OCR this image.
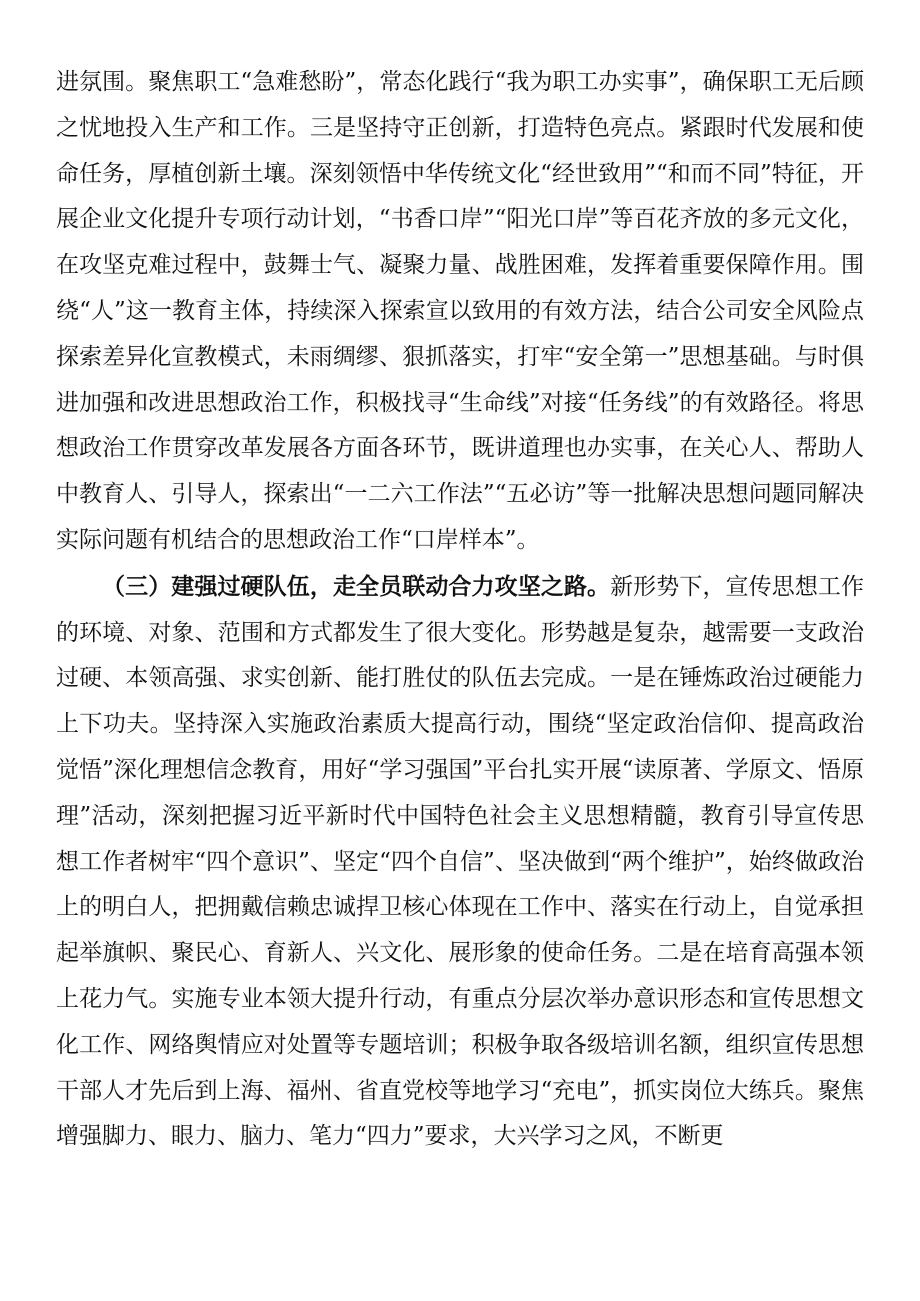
进氛围。聚焦职工“急难愁盼”，常态化践行“我为职工办实事”，确保职工无后顾之忧地投入生产和工作。三是坚持守正创新，打造特色亮点。紧跟时代发展和使命任务，厚植创新土壤。深刻领悟中华传统文化“经世致用”“和而不同”特征，开展企业文化提升专项行动计划，“书香口岸”“阳光口岸”等百花齐放的多元文化，在攻坚克难过程中，鼓舞士气、凝聚力量、战胜困难，发挥着重要保障作用。围绕“人”这一教育主体，持续深入探索宣以致用的有效方法，结合公司安全风险点探索差异化宣教模式，未雨绸缪、狠抓落实，打牢“安全第一”思想基础。与时俱进加强和改进思想政治工作，积极找寻“生命线”对接“任务线”的有效路径。将思想政治工作贯穿改革发展各方面各环节，既讲道理也办实事，在关心人、帮助人中教育人、引导人，探索出“一二六工作法”“五必访”等一批解决思想问题同解决实际问题有机结合的思想政治工作“口岸样本”。

（三）建强过硬队伍，走全员联动合力攻坚之路。新形势下，宣传思想工作的环境、对象、范围和方式都发生了很大变化。形势越是复杂，越需要一支政治过硬、本领高强、求实创新、能打胜仗的队伍去完成。一是在锤炼政治过硬能力上下功夫。坚持深入实施政治素质大提高行动，围绕“坚定政治信仰、提高政治觉悟”深化理想信念教育，用好“学习强国”平台扎实开展“读原著、学原文、悟原理”活动，深刻把握习近平新时代中国特色社会主义思想精髓，教育引导宣传思想工作者树牢“四个意识”、坚定“四个自信”、坚决做到“两个维护”，始终做政治上的明白人，把拥戴信赖忠诚捍卫核心体现在工作中、落实在行动上，自觉承担起举旗帜、聚民心、育新人、兴文化、展形象的使命任务。二是在培育高强本领上花力气。实施专业本领大提升行动，有重点分层次举办意识形态和宣传思想文化工作、网络舆情应对处置等专题培训；积极争取各级培训名额，组织宣传思想干部人才先后到上海、福州、省直党校等地学习“充电”，抓实岗位大练兵。聚焦增强脚力、眼力、脑力、笔力“四力”要求，大兴学习之风，不断更
